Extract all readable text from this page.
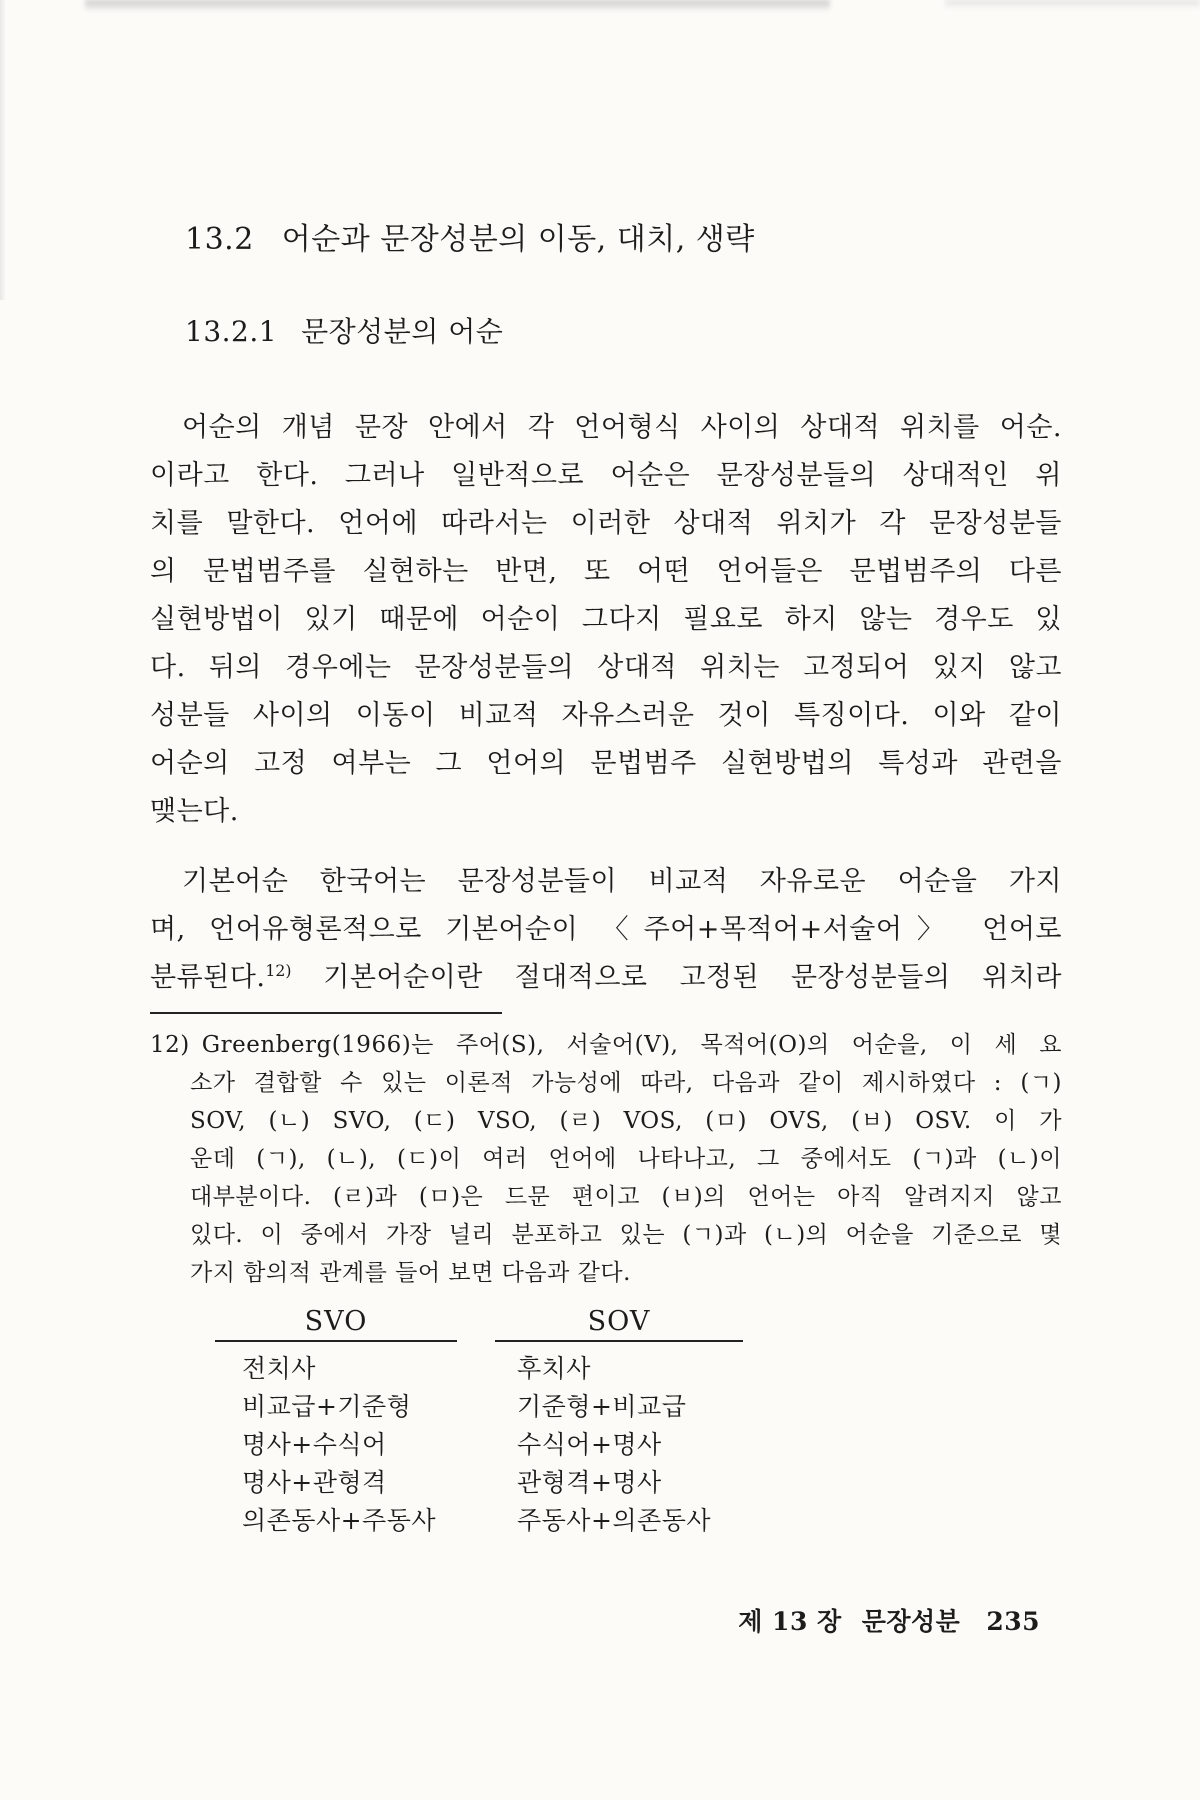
13.2 어순과 문장성분의 이동, 대치, 생략
13.2.1 문장성분의 어순
어순의 개념 문장 안에서 각 언어형식 사이의 상대적 위치를 어순.
이라고 한다. 그러나 일반적으로 어순은 문장성분들의 상대적인 위
치를 말한다. 언어에 따라서는 이러한 상대적 위치가 각 문장성분들
의 문법범주를 실현하는 반면, 또 어떤 언어들은 문법범주의 다른
실현방법이 있기 때문에 어순이 그다지 필요로 하지 않는 경우도 있
다. 뒤의 경우에는 문장성분들의 상대적 위치는 고정되어 있지 않고
성분들 사이의 이동이 비교적 자유스러운 것이 특징이다. 이와 같이
어순의 고정 여부는 그 언어의 문법범주 실현방법의 특성과 관련을
맺는다.
기본어순 한국어는 문장성분들이 비교적 자유로운 어순을 가지
며, 언어유형론적으로 기본어순이 〈주어+목적어+서술어〉 언어로
분류된다.$^{12)}$ 기본어순이란 절대적으로 고정된 문장성분들의 위치라
12) Greenberg(1966)는 주어(S), 서술어(V), 목적어(O)의 어순을, 이 세 요
소가 결합할 수 있는 이론적 가능성에 따라, 다음과 같이 제시하였다 : (ㄱ)
SOV, (ㄴ) SVO, (ㄷ) VSO, (ㄹ) VOS, (ㅁ) OVS, (ㅂ) OSV. 이 가
운데 (ㄱ), (ㄴ), (ㄷ)이 여러 언어에 나타나고, 그 중에서도 (ㄱ)과 (ㄴ)이
대부분이다. (ㄹ)과 (ㅁ)은 드문 편이고 (ㅂ)의 언어는 아직 알려지지 않고
있다. 이 중에서 가장 널리 분포하고 있는 (ㄱ)과 (ㄴ)의 어순을 기준으로 몇
가지 함의적 관계를 들어 보면 다음과 같다.
SVO
전치사
비교급+기준형
명사+수식어
명사+관형격
의존동사+주동사
SOV
후치사
기준형+비교급
수식어+명사
관형격+명사
주동사+의존동사
제 13 장 문장성분 235
